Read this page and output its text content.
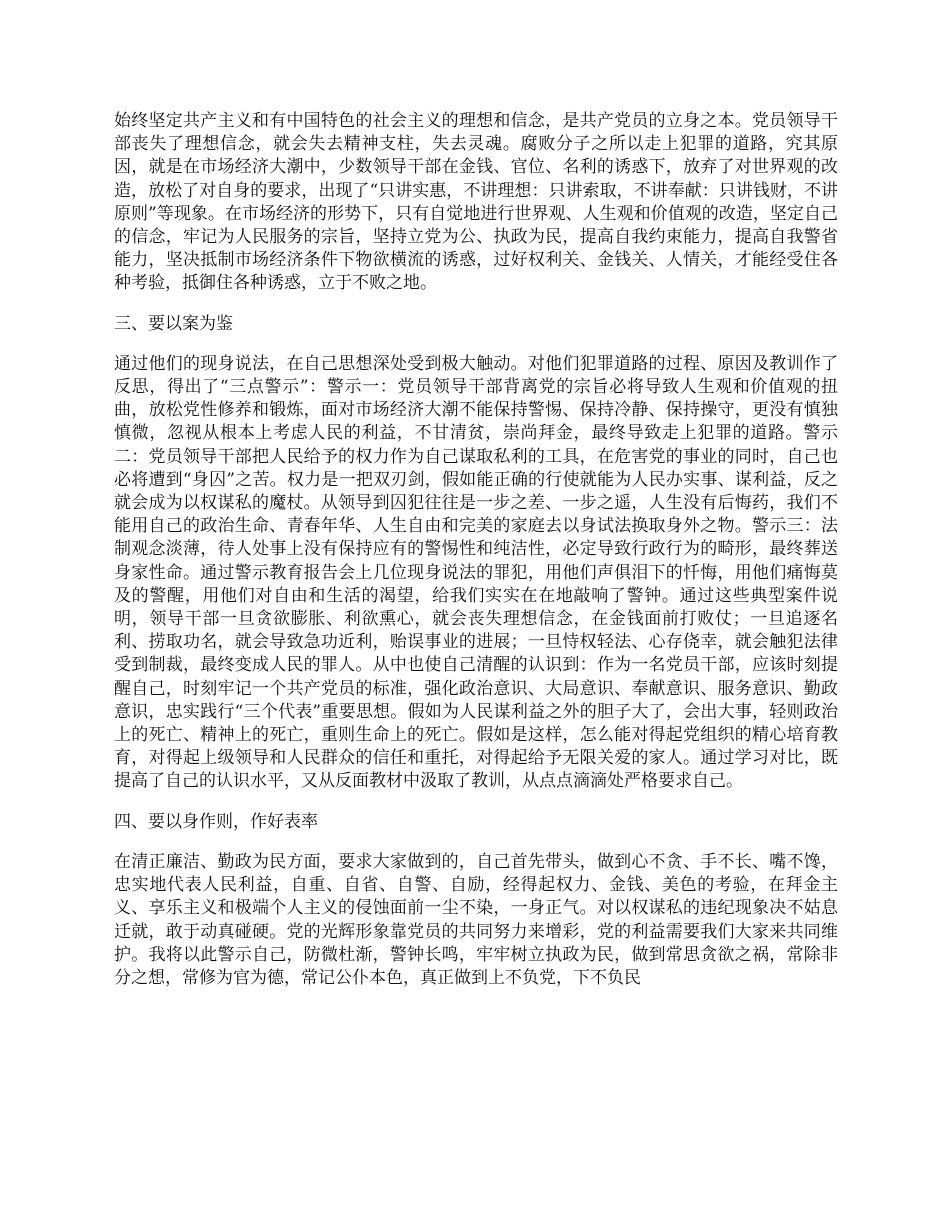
始终坚定共产主义和有中国特色的社会主义的理想和信念，是共产党员的立身之本。党员领导干部丧失了理想信念，就会失去精神支柱，失去灵魂。腐败分子之所以走上犯罪的道路，究其原因，就是在市场经济大潮中，少数领导干部在金钱、官位、名利的诱惑下，放弃了对世界观的改造，放松了对自身的要求，出现了“只讲实惠，不讲理想：只讲索取，不讲奉献：只讲钱财，不讲原则”等现象。在市场经济的形势下，只有自觉地进行世界观、人生观和价值观的改造，坚定自己的信念，牢记为人民服务的宗旨，坚持立党为公、执政为民，提高自我约束能力，提高自我警省能力，坚决抵制市场经济条件下物欲横流的诱惑，过好权利关、金钱关、人情关，才能经受住各种考验，抵御住各种诱惑，立于不败之地。

三、要以案为鉴

通过他们的现身说法，在自己思想深处受到极大触动。对他们犯罪道路的过程、原因及教训作了反思，得出了“三点警示”：警示一：党员领导干部背离党的宗旨必将导致人生观和价值观的扭曲，放松党性修养和锻炼，面对市场经济大潮不能保持警惕、保持冷静、保持操守，更没有慎独慎微，忽视从根本上考虑人民的利益，不甘清贫，崇尚拜金，最终导致走上犯罪的道路。警示二：党员领导干部把人民给予的权力作为自己谋取私利的工具，在危害党的事业的同时，自己也必将遭到“身囚”之苦。权力是一把双刃剑，假如能正确的行使就能为人民办实事、谋利益，反之就会成为以权谋私的魔杖。从领导到囚犯往往是一步之差、一步之遥，人生没有后悔药，我们不能用自己的政治生命、青春年华、人生自由和完美的家庭去以身试法换取身外之物。警示三：法制观念淡薄，待人处事上没有保持应有的警惕性和纯洁性，必定导致行政行为的畸形，最终葬送身家性命。通过警示教育报告会上几位现身说法的罪犯，用他们声俱泪下的忏悔，用他们痛悔莫及的警醒，用他们对自由和生活的渴望，给我们实实在在地敲响了警钟。通过这些典型案件说明，领导干部一旦贪欲膨胀、利欲熏心，就会丧失理想信念，在金钱面前打败仗；一旦追逐名利、捞取功名，就会导致急功近利，贻误事业的进展；一旦恃权轻法、心存侥幸，就会触犯法律受到制裁，最终变成人民的罪人。从中也使自己清醒的认识到：作为一名党员干部，应该时刻提醒自己，时刻牢记一个共产党员的标准，强化政治意识、大局意识、奉献意识、服务意识、勤政意识，忠实践行“三个代表”重要思想。假如为人民谋利益之外的胆子大了，会出大事，轻则政治上的死亡、精神上的死亡，重则生命上的死亡。假如是这样，怎么能对得起党组织的精心培育教育，对得起上级领导和人民群众的信任和重托，对得起给予无限关爱的家人。通过学习对比，既提高了自己的认识水平，又从反面教材中汲取了教训，从点点滴滴处严格要求自己。

四、要以身作则，作好表率

在清正廉洁、勤政为民方面，要求大家做到的，自己首先带头，做到心不贪、手不长、嘴不馋，忠实地代表人民利益，自重、自省、自警、自励，经得起权力、金钱、美色的考验，在拜金主义、享乐主义和极端个人主义的侵蚀面前一尘不染，一身正气。对以权谋私的违纪现象决不姑息迁就，敢于动真碰硬。党的光辉形象靠党员的共同努力来增彩，党的利益需要我们大家来共同维护。我将以此警示自己，防微杜渐，警钟长鸣，牢牢树立执政为民，做到常思贪欲之祸，常除非分之想，常修为官为德，常记公仆本色，真正做到上不负党，下不负民
